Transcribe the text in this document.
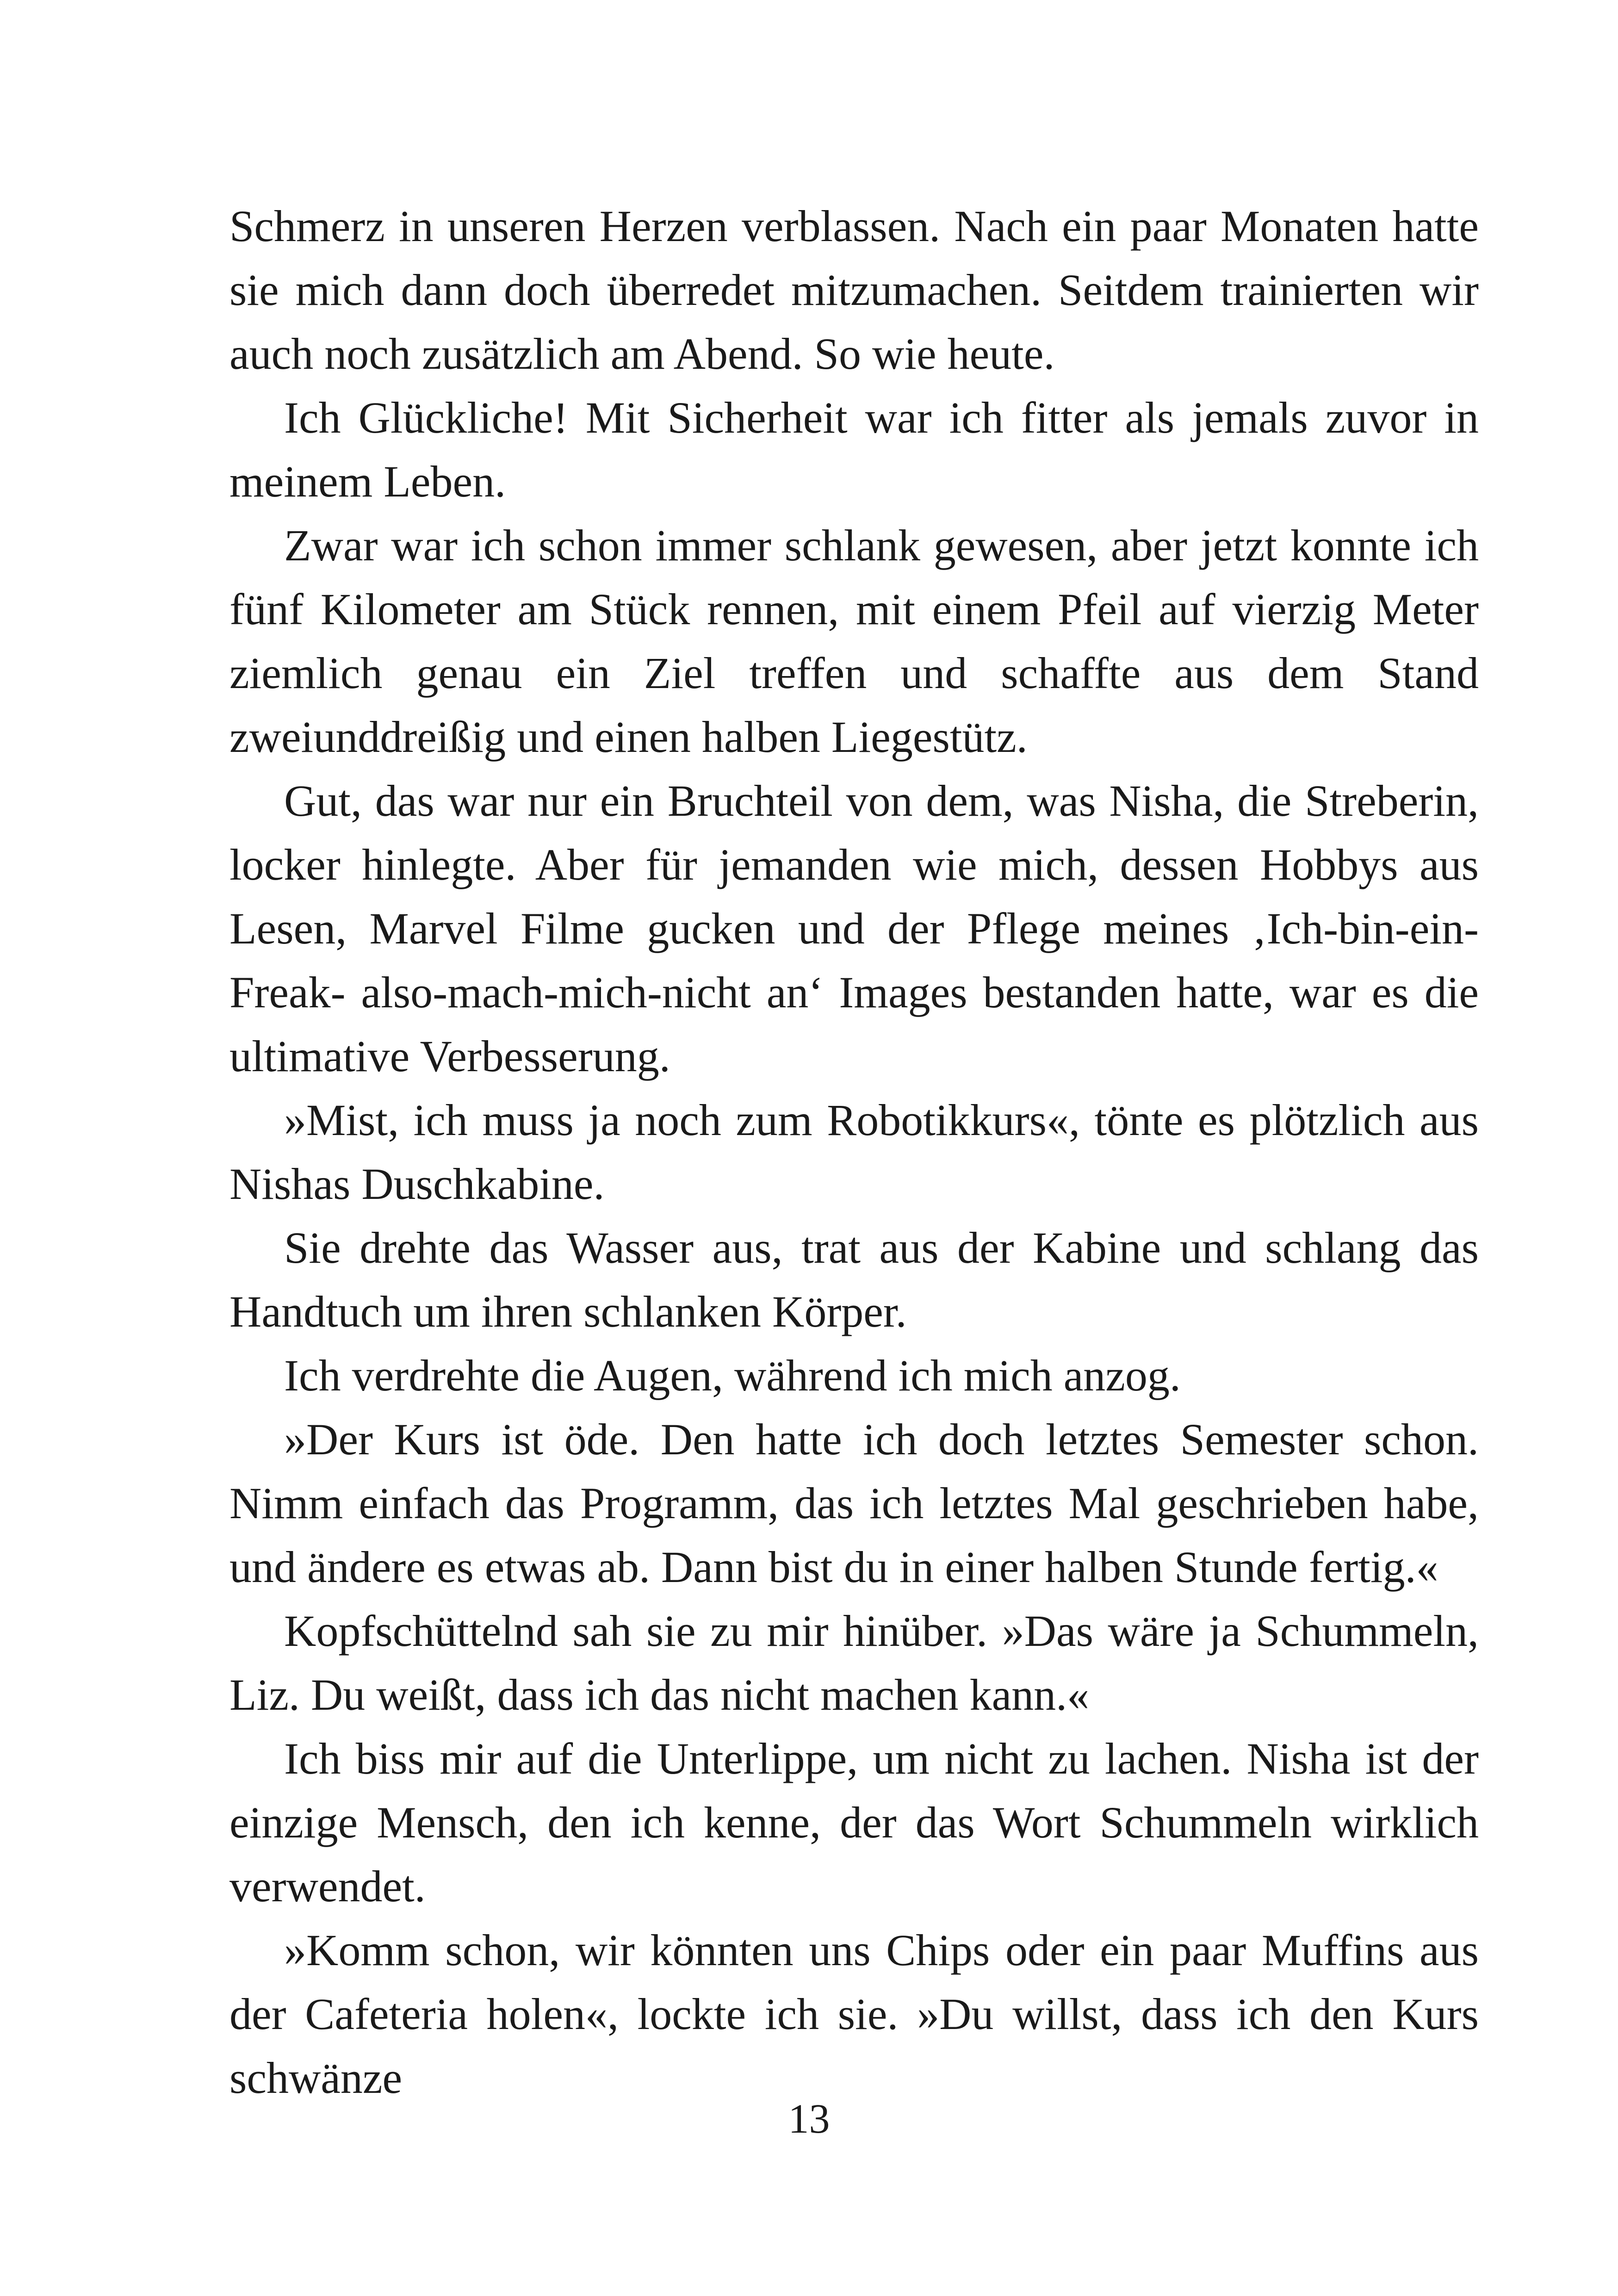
Schmerz in unseren Herzen verblassen. Nach ein paar Monaten hatte sie mich dann doch überredet mitzumachen. Seitdem trainierten wir auch noch zusätzlich am Abend. So wie heute.

Ich Glückliche! Mit Sicherheit war ich fitter als jemals zuvor in meinem Leben.

Zwar war ich schon immer schlank gewesen, aber jetzt konnte ich fünf Kilometer am Stück rennen, mit einem Pfeil auf vierzig Meter ziemlich genau ein Ziel treffen und schaffte aus dem Stand zweiunddreißig und einen halben Liegestütz.

Gut, das war nur ein Bruchteil von dem, was Nisha, die Streberin, locker hinlegte. Aber für jemanden wie mich, dessen Hobbys aus Lesen, Marvel Filme gucken und der Pflege meines ‚Ich-bin-ein-Freak- also-mach-mich-nicht an‘ Images bestanden hatte, war es die ultimative Verbesserung.

»Mist, ich muss ja noch zum Robotikkurs«, tönte es plötzlich aus Nishas Duschkabine.

Sie drehte das Wasser aus, trat aus der Kabine und schlang das Handtuch um ihren schlanken Körper.

Ich verdrehte die Augen, während ich mich anzog.

»Der Kurs ist öde. Den hatte ich doch letztes Semester schon. Nimm einfach das Programm, das ich letztes Mal geschrieben habe, und ändere es etwas ab. Dann bist du in einer halben Stunde fertig.«

Kopfschüttelnd sah sie zu mir hinüber. »Das wäre ja Schummeln, Liz. Du weißt, dass ich das nicht machen kann.«

Ich biss mir auf die Unterlippe, um nicht zu lachen. Nisha ist der einzige Mensch, den ich kenne, der das Wort Schummeln wirklich verwendet.

»Komm schon, wir könnten uns Chips oder ein paar Muffins aus der Cafeteria holen«, lockte ich sie. »Du willst, dass ich den Kurs schwänze

13
